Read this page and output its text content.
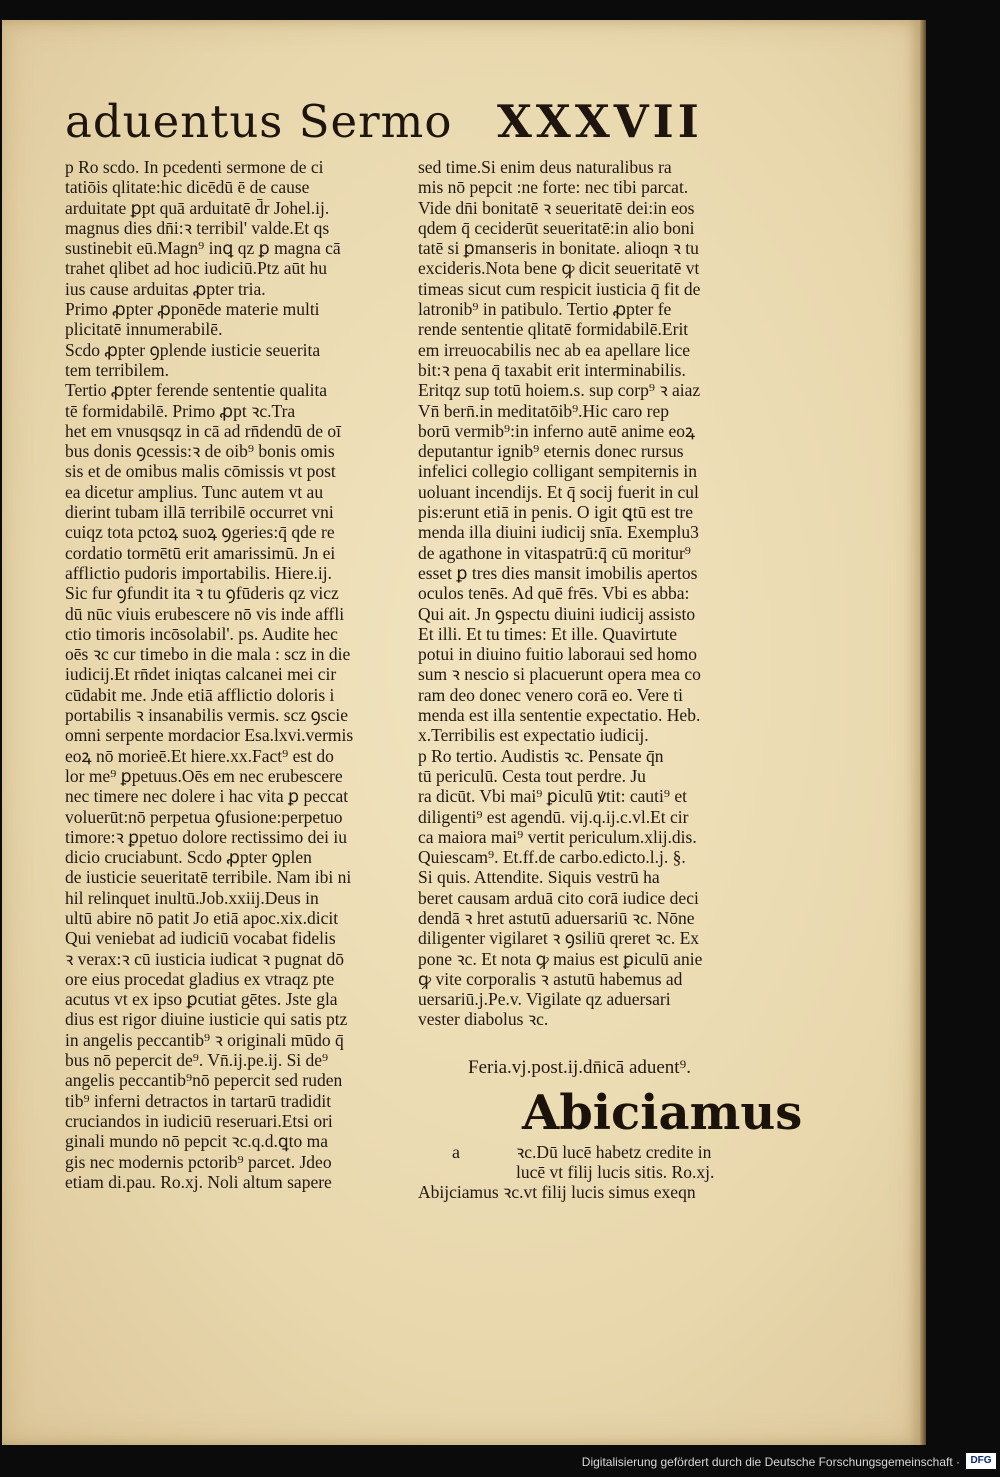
aduentus Sermo XXXVII
p Ro scdo. In pcedenti sermone de ci
tatiōis qlitate:hic dicēdū ē de cause
arduitate ꝑpt quā arduitatē d̄r Johel.ij.
magnus dies dn̄i:ꝛ terribil' valde.Et qs
sustinebit eū.Magn⁹ inꝗ qz ꝑ magna cā
trahet qlibet ad hoc iudiciū.Ptz aūt hu
ius cause arduitas ꝓpter tria.
Primo ꝓpter ꝓponēde materie multi
plicitatē innumerabilē.
Scdo ꝓpter ꝯplende iusticie seuerita
tem terribilem.
Tertio ꝓpter ferende sententie qualita
tē formidabilē. Primo ꝓpt ꝛc.Tra
het em vnusqsqz in cā ad rn̄dendū de oī
bus donis ꝯcessis:ꝛ de oib⁹ bonis omis
sis et de omibus malis cōmissis vt post
ea dicetur amplius. Tunc autem vt au
dierint tubam illā terribilē occurret vni
cuiqz tota pctoꝝ suoꝝ ꝯgeries:q̄ qde re
cordatio tormētū erit amarissimū. Jn ei
afflictio pudoris importabilis. Hiere.ij.
Sic fur ꝯfundit ita ꝛ tu ꝯfūderis qz vicz
dū nūc viuis erubescere nō vis inde affli
ctio timoris incōsolabil'. ps. Audite hec
oēs ꝛc cur timebo in die mala : scz in die
iudicij.Et rn̄det iniqtas calcanei mei cir
cūdabit me. Jnde etiā afflictio doloris i
portabilis ꝛ insanabilis vermis. scz ꝯscie
omni serpente mordacior Esa.lxvi.vermis
eoꝝ nō morieē.Et hiere.xx.Fact⁹ est do
lor me⁹ ꝑpetuus.Oēs em nec erubescere
nec timere nec dolere i hac vita ꝑ peccat
voluerūt:nō perpetua ꝯfusione:perpetuo
timore:ꝛ ꝑpetuo dolore rectissimo dei iu
dicio cruciabunt. Scdo ꝓpter ꝯplen
de iusticie seueritatē terribile. Nam ibi ni
hil relinquet inultū.Job.xxiij.Deus in
ultū abire nō patit Jo etiā apoc.xix.dicit
Qui veniebat ad iudiciū vocabat fidelis
ꝛ verax:ꝛ cū iusticia iudicat ꝛ pugnat dō
ore eius procedat gladius ex vtraqz pte
acutus vt ex ipso ꝑcutiat gētes. Jste gla
dius est rigor diuine iusticie qui satis ptz
in angelis peccantib⁹ ꝛ originali mūdo q̄
bus nō pepercit de⁹. Vn̄.ij.pe.ij. Si de⁹
angelis peccantib⁹nō pepercit sed ruden
tib⁹ inferni detractos in tartarū tradidit
cruciandos in iudiciū reseruari.Etsi ori
ginali mundo nō pepcit ꝛc.q.d.ꝗto ma
gis nec modernis pctorib⁹ parcet. Jdeo
etiam di.pau. Ro.xj. Noli altum sapere
sed time.Si enim deus naturalibus ra
mis nō pepcit :ne forte: nec tibi parcat.
Vide dn̄i bonitatē ꝛ seueritatē dei:in eos
qdem q̄ ceciderūt seueritatē:in alio boni
tatē si ꝑmanseris in bonitate. alioqn ꝛ tu
excideris.Nota bene ꝙ dicit seueritatē vt
timeas sicut cum respicit iusticia q̄ fit de
latronib⁹ in patibulo. Tertio ꝓpter fe
rende sententie qlitatē formidabilē.Erit
em irreuocabilis nec ab ea apellare lice
bit:ꝛ pena q̄ taxabit erit interminabilis.
Eritqz sup totū hoiem.s. sup corp⁹ ꝛ aiaz
Vn̄ bern̄.in meditatōib⁹.Hic caro rep
borū vermib⁹:in inferno autē anime eoꝝ
deputantur ignib⁹ eternis donec rursus
infelici collegio colligant sempiternis in
uoluant incendijs. Et q̄ socij fuerit in cul
pis:erunt etiā in penis. O igit ꝗtū est tre
menda illa diuini iudicij snīa. Exemplu3
de agathone in vitaspatrū:q̄ cū moritur⁹
esset ꝑ tres dies mansit imobilis apertos
oculos tenēs. Ad quē frēs. Vbi es abba:
Qui ait. Jn ꝯspectu diuini iudicij assisto
Et illi. Et tu times: Et ille. Quavirtute
potui in diuino fuitio laboraui sed homo
sum ꝛ nescio si placuerunt opera mea co
ram deo donec venero corā eo. Vere ti
menda est illa sententie expectatio. Heb.
x.Terribilis est expectatio iudicij.
p Ro tertio. Audistis ꝛc. Pensate q̄n
tū periculū. Cesta tout perdre. Ju
ra dicūt. Vbi mai⁹ ꝑiculū ꝟtit: cauti⁹ et
diligenti⁹ est agendū. vij.q.ij.c.vl.Et cir
ca maiora mai⁹ vertit periculum.xlij.dis.
Quiescam⁹. Et.ff.de carbo.edicto.l.j. §.
Si quis. Attendite. Siquis vestrū ha
beret causam arduā cito corā iudice deci
dendā ꝛ hret astutū aduersariū ꝛc. Nōne
diligenter vigilaret ꝛ ꝯsiliū qreret ꝛc. Ex
pone ꝛc. Et nota ꝙ maius est ꝑiculū anie
ꝙ vite corporalis ꝛ astutū habemus ad
uersariū.j.Pe.v. Vigilate qz aduersari
vester diabolus ꝛc.
Feria.vj.post.ij.dn̄icā aduent⁹.
Abiciamus
a	ꝛc.Dū lucē habetz credite in
lucē vt filij lucis sitis. Ro.xj.
Abijciamus ꝛc.vt filij lucis simus exeqn
Digitalisierung gefördert durch die Deutsche Forschungsgemeinschaft ·	DFG
